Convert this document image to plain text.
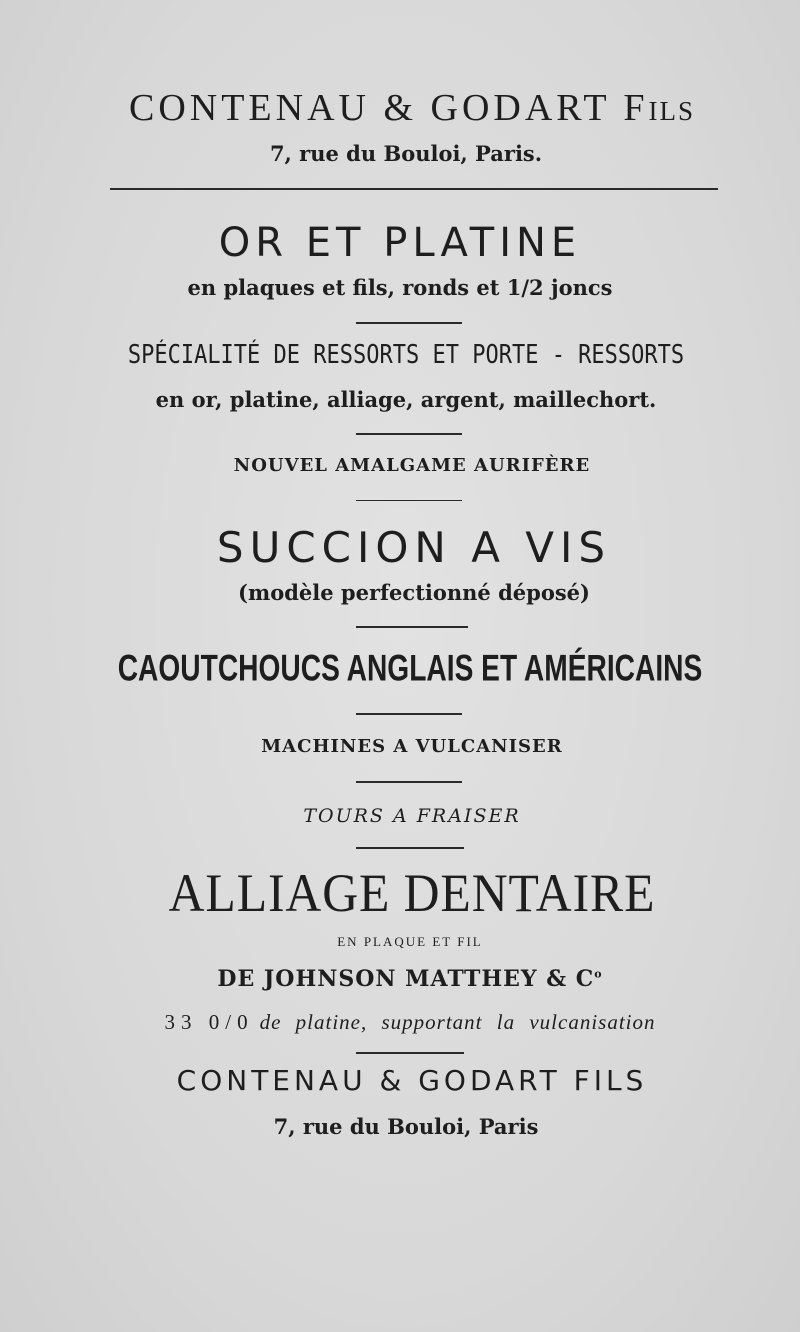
CONTENAU & GODART FILS
7, rue du Bouloi, Paris.
OR ET PLATINE
en plaques et fils, ronds et 1/2 joncs
SPÉCIALITÉ DE RESSORTS ET PORTE - RESSORTS
en or, platine, alliage, argent, maillechort.
NOUVEL AMALGAME AURIFÈRE
SUCCION A VIS
(modèle perfectionné déposé)
CAOUTCHOUCS ANGLAIS ET AMÉRICAINS
MACHINES A VULCANISER
TOURS A FRAISER
ALLIAGE DENTAIRE
EN PLAQUE ET FIL
DE JOHNSON MATTHEY & $C^o$
33 0/0 de platine, supportant la vulcanisation
CONTENAU & GODART FILS
7, rue du Bouloi, Paris
